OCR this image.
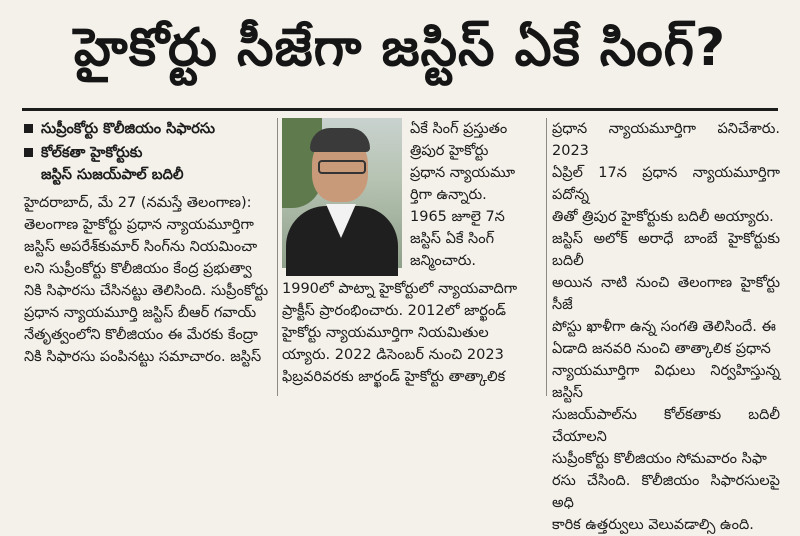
హైకోర్టు సీజేగా జస్టిస్ ఏకే సింగ్?
సుప్రీంకోర్టు కొలీజియం సిఫారసు
కోల్‌కతా హైకోర్టుకు
జస్టిస్ సుజయ్‌పాల్ బదిలీ
హైదరాబాద్, మే 27 (నమస్తే తెలంగాణ):
తెలంగాణ హైకోర్టు ప్రధాన న్యాయమూర్తిగా
జస్టిస్ అపరేశ్‌కుమార్ సింగ్‌ను నియమించా
లని సుప్రీంకోర్టు కొలీజియం కేంద్ర ప్రభుత్వా
నికి సిఫారసు చేసినట్టు తెలిసింది. సుప్రీంకోర్టు
ప్రధాన న్యాయమూర్తి జస్టిస్ బీఆర్ గవాయ్
నేతృత్వంలోని కొలీజియం ఈ మేరకు కేంద్రా
నికి సిఫారసు పంపినట్టు సమాచారం. జస్టిస్
ఏకే సింగ్ ప్రస్తుతం
త్రిపుర హైకోర్టు
ప్రధాన న్యాయమూ
ర్తిగా ఉన్నారు.
1965 జూలై 7న
జస్టిస్ ఏకే సింగ్
జన్మించారు.
1990లో పాట్నా హైకోర్టులో న్యాయవాదిగా
ప్రాక్టీస్ ప్రారంభించారు. 2012లో జార్ఖండ్
హైకోర్టు న్యాయమూర్తిగా నియమితుల
య్యారు. 2022 డిసెంబర్ నుంచి 2023
ఫిబ్రవరివరకు జార్ఖండ్ హైకోర్టు తాత్కాలిక
ప్రధాన న్యాయమూర్తిగా పనిచేశారు. 2023
ఏప్రిల్ 17న ప్రధాన న్యాయమూర్తిగా పదోన్న
తితో త్రిపుర హైకోర్టుకు బదిలీ అయ్యారు.
జస్టిస్ అలోక్ అరాధే బాంబే హైకోర్టుకు బదిలీ
అయిన నాటి నుంచి తెలంగాణ హైకోర్టు సీజే
పోస్టు ఖాళీగా ఉన్న సంగతి తెలిసిందే. ఈ
ఏడాది జనవరి నుంచి తాత్కాలిక ప్రధాన
న్యాయమూర్తిగా విధులు నిర్వహిస్తున్న జస్టిస్
సుజయ్‌పాల్‌ను కోల్‌కతాకు బదిలీ చేయాలని
సుప్రీంకోర్టు కొలీజియం సోమవారం సిఫా
రసు చేసింది. కొలీజియం సిఫారసులపై అధి
కారిక ఉత్తర్వులు వెలువడాల్సి ఉంది.
